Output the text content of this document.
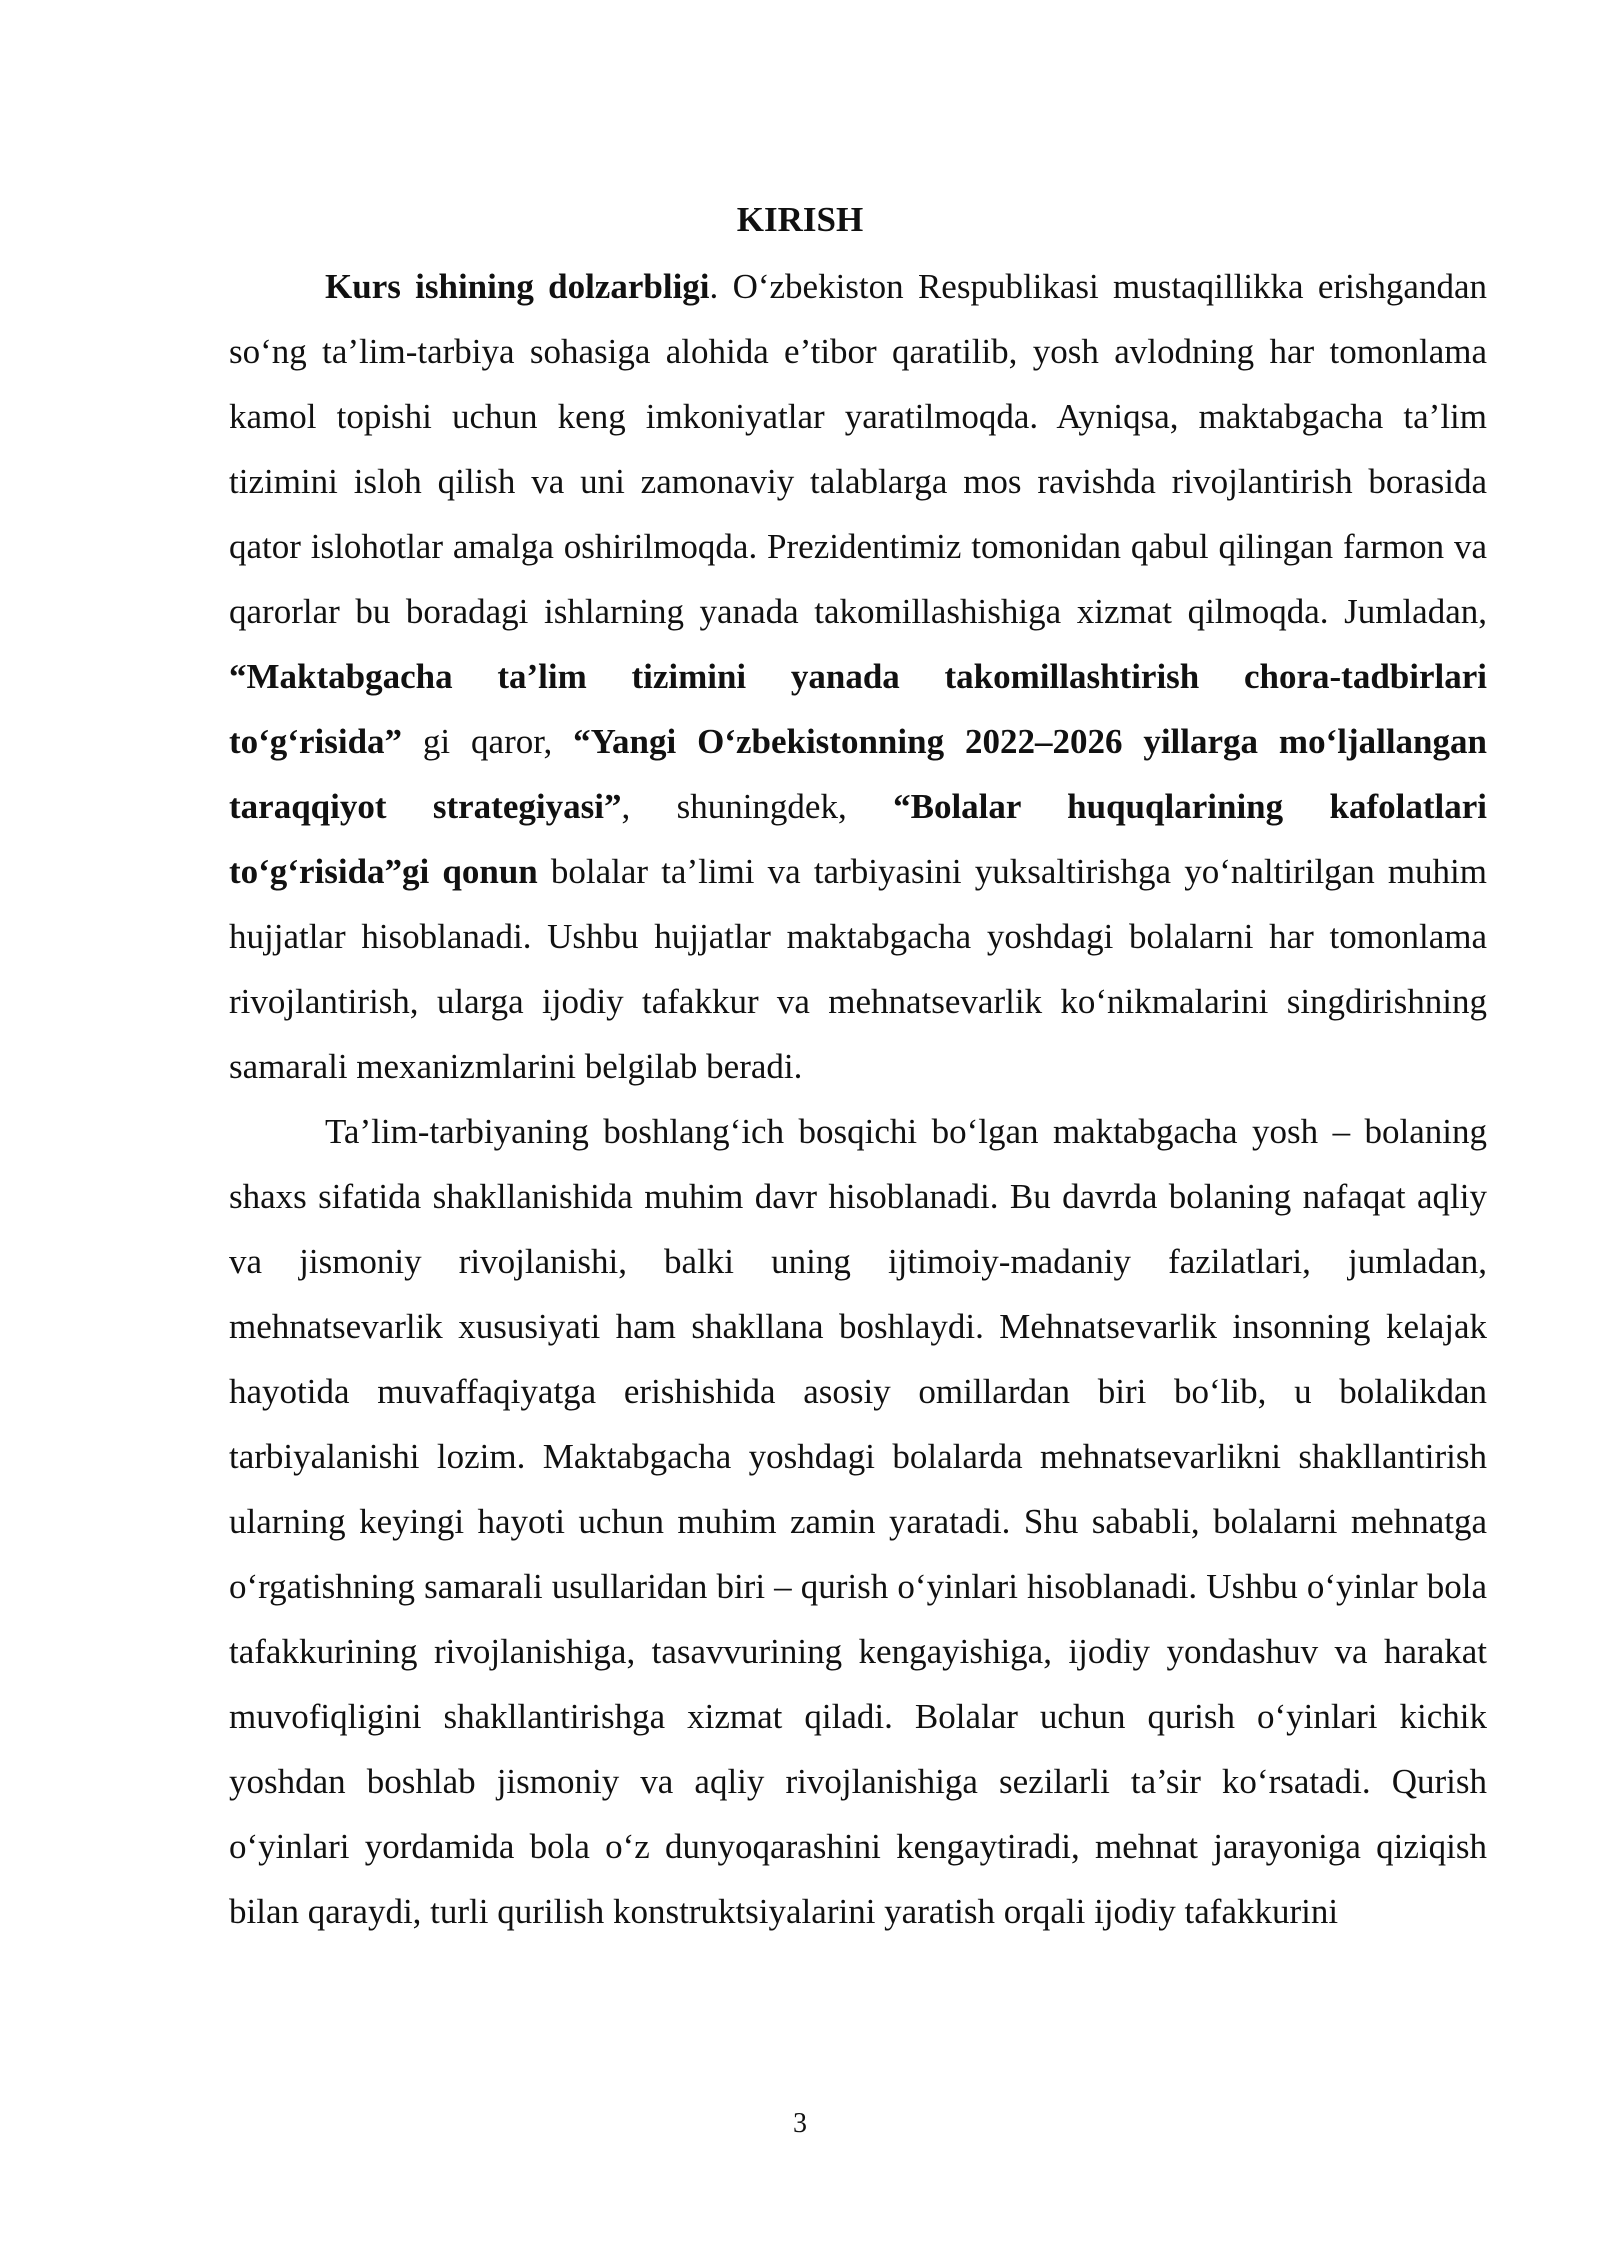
KIRISH

Kurs ishining dolzarbligi. O‘zbekiston Respublikasi mustaqillikka erishgandan so‘ng ta’lim-tarbiya sohasiga alohida e’tibor qaratilib, yosh avlodning har tomonlama kamol topishi uchun keng imkoniyatlar yaratilmoqda. Ayniqsa, maktabgacha ta’lim tizimini isloh qilish va uni zamonaviy talablarga mos ravishda rivojlantirish borasida qator islohotlar amalga oshirilmoqda. Prezidentimiz tomonidan qabul qilingan farmon va qarorlar bu boradagi ishlarning yanada takomillashishiga xizmat qilmoqda. Jumladan, “Maktabgacha ta’lim tizimini yanada takomillashtirish chora-tadbirlari to‘g‘risida” gi qaror, “Yangi O‘zbekistonning 2022–2026 yillarga mo‘ljallangan taraqqiyot strategiyasi”, shuningdek, “Bolalar huquqlarining kafolatlari to‘g‘risida”gi qonun bolalar ta’limi va tarbiyasini yuksaltirishga yo‘naltirilgan muhim hujjatlar hisoblanadi. Ushbu hujjatlar maktabgacha yoshdagi bolalarni har tomonlama rivojlantirish, ularga ijodiy tafakkur va mehnatsevarlik ko‘nikmalarini singdirishning samarali mexanizmlarini belgilab beradi.

Ta’lim-tarbiyaning boshlang‘ich bosqichi bo‘lgan maktabgacha yosh – bolaning shaxs sifatida shakllanishida muhim davr hisoblanadi. Bu davrda bolaning nafaqat aqliy va jismoniy rivojlanishi, balki uning ijtimoiy-madaniy fazilatlari, jumladan, mehnatsevarlik xususiyati ham shakllana boshlaydi. Mehnatsevarlik insonning kelajak hayotida muvaffaqiyatga erishishida asosiy omillardan biri bo‘lib, u bolalikdan tarbiyalanishi lozim. Maktabgacha yoshdagi bolalarda mehnatsevarlikni shakllantirish ularning keyingi hayoti uchun muhim zamin yaratadi. Shu sababli, bolalarni mehnatga o‘rgatishning samarali usullaridan biri – qurish o‘yinlari hisoblanadi. Ushbu o‘yinlar bola tafakkurining rivojlanishiga, tasavvurining kengayishiga, ijodiy yondashuv va harakat muvofiqligini shakllantirishga xizmat qiladi. Bolalar uchun qurish o‘yinlari kichik yoshdan boshlab jismoniy va aqliy rivojlanishiga sezilarli ta’sir ko‘rsatadi. Qurish o‘yinlari yordamida bola o‘z dunyoqarashini kengaytiradi, mehnat jarayoniga qiziqish bilan qaraydi, turli qurilish konstruktsiyalarini yaratish orqali ijodiy tafakkurini

3
